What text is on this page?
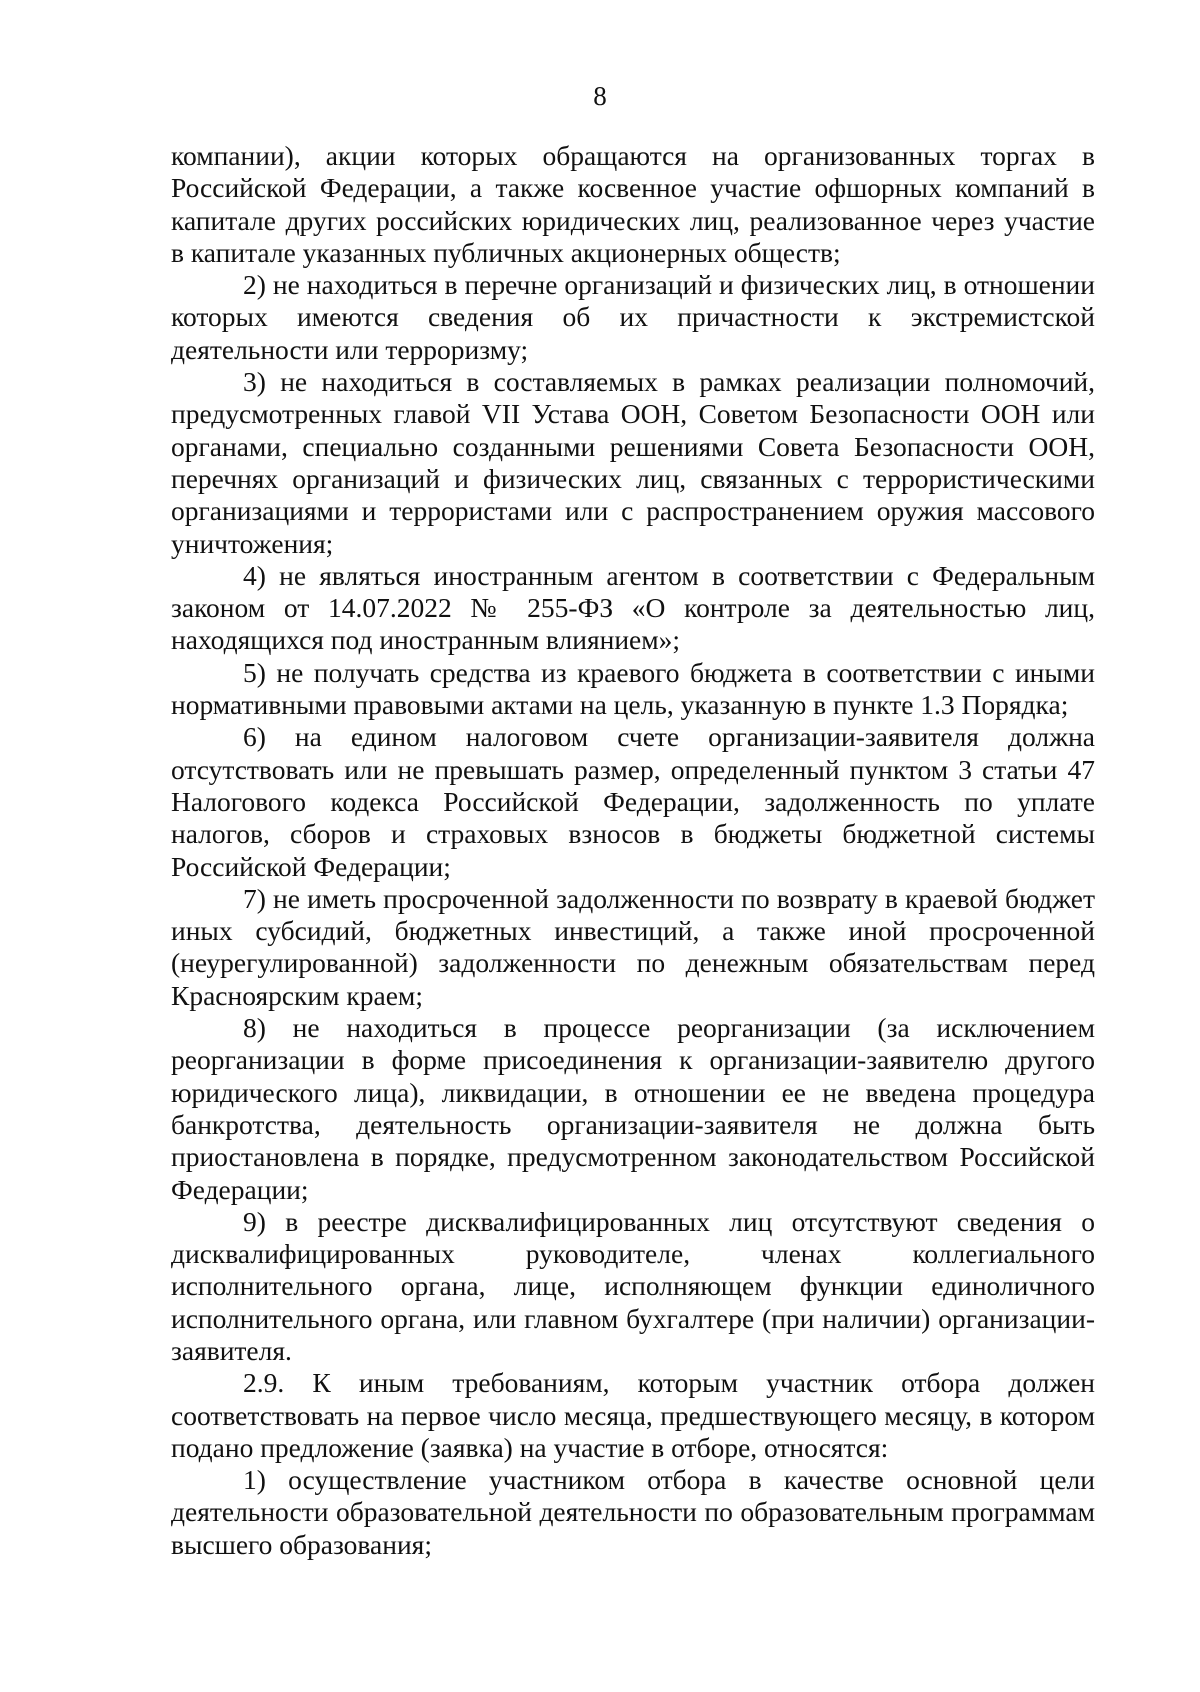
8

компании), акции которых обращаются на организованных торгах в Российской Федерации, а также косвенное участие офшорных компаний в капитале других российских юридических лиц, реализованное через участие в капитале указанных публичных акционерных обществ;

2) не находиться в перечне организаций и физических лиц, в отношении которых имеются сведения об их причастности к экстремистской деятельности или терроризму;

3) не находиться в составляемых в рамках реализации полномочий, предусмотренных главой VII Устава ООН, Советом Безопасности ООН или органами, специально созданными решениями Совета Безопасности ООН, перечнях организаций и физических лиц, связанных с террористическими организациями и террористами или с распространением оружия массового уничтожения;

4) не являться иностранным агентом в соответствии с Федеральным законом от 14.07.2022 № 255-ФЗ «О контроле за деятельностью лиц, находящихся под иностранным влиянием»;

5) не получать средства из краевого бюджета в соответствии с иными нормативными правовыми актами на цель, указанную в пункте 1.3 Порядка;

6) на едином налоговом счете организации-заявителя должна отсутствовать или не превышать размер, определенный пунктом 3 статьи 47 Налогового кодекса Российской Федерации, задолженность по уплате налогов, сборов и страховых взносов в бюджеты бюджетной системы Российской Федерации;

7) не иметь просроченной задолженности по возврату в краевой бюджет иных субсидий, бюджетных инвестиций, а также иной просроченной (неурегулированной) задолженности по денежным обязательствам перед Красноярским краем;

8) не находиться в процессе реорганизации (за исключением реорганизации в форме присоединения к организации-заявителю другого юридического лица), ликвидации, в отношении ее не введена процедура банкротства, деятельность организации-заявителя не должна быть приостановлена в порядке, предусмотренном законодательством Российской Федерации;

9) в реестре дисквалифицированных лиц отсутствуют сведения о дисквалифицированных руководителе, членах коллегиального исполнительного органа, лице, исполняющем функции единоличного исполнительного органа, или главном бухгалтере (при наличии) организации-заявителя.

2.9. К иным требованиям, которым участник отбора должен соответствовать на первое число месяца, предшествующего месяцу, в котором подано предложение (заявка) на участие в отборе, относятся:

1) осуществление участником отбора в качестве основной цели деятельности образовательной деятельности по образовательным программам высшего образования;
